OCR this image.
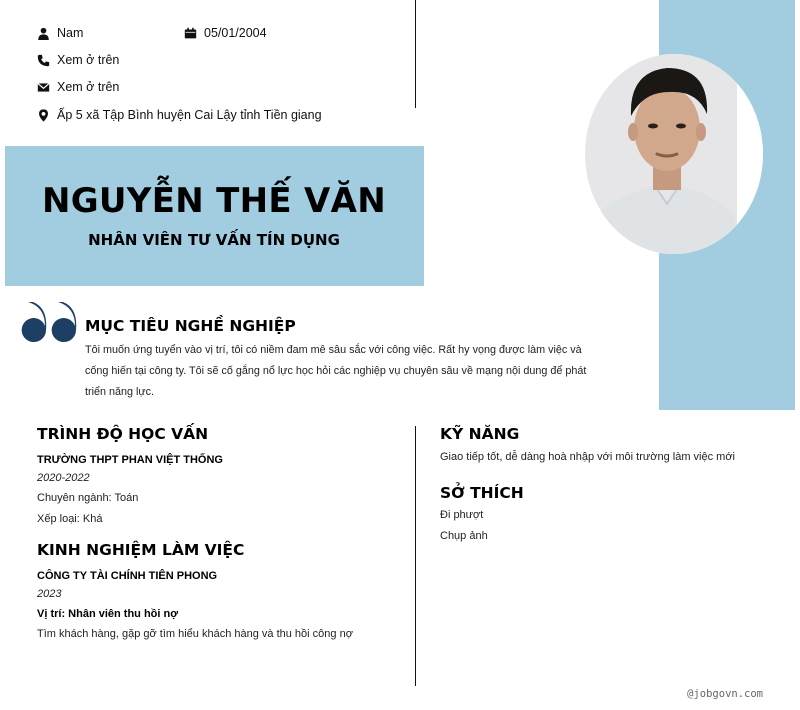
Nam	05/01/2004
Xem ở trên
Xem ở trên
Ấp 5 xã Tập Bình huyện Cai Lậy tỉnh Tiền giang
NGUYỄN THẾ VĂN
NHÂN VIÊN TƯ VẤN TÍN DỤNG
MỤC TIÊU NGHỀ NGHIỆP
Tôi muốn ứng tuyển vào vị trí, tôi có niềm đam mê sâu sắc với công việc. Rất hy vọng được làm việc và cống hiến tại công ty. Tôi sẽ cố gắng nổ lực học hỏi các nghiệp vụ chuyên sâu về mạng nội dung để phát triển năng lực.
TRÌNH ĐỘ HỌC VẤN
TRƯỜNG THPT PHAN VIỆT THỐNG
2020-2022
Chuyên ngành: Toán
Xếp loại: Khá
KINH NGHIỆM LÀM VIỆC
CÔNG TY TÀI CHÍNH TIÊN PHONG
2023
Vị trí: Nhân viên thu hồi nợ
Tìm khách hàng, gặp gỡ tìm hiểu khách hàng và thu hồi công nợ
KỸ NĂNG
Giao tiếp tốt, dễ dàng hoà nhập với môi trường làm việc mới
SỞ THÍCH
Đi phượt
Chụp ảnh
@jobgovn.com
